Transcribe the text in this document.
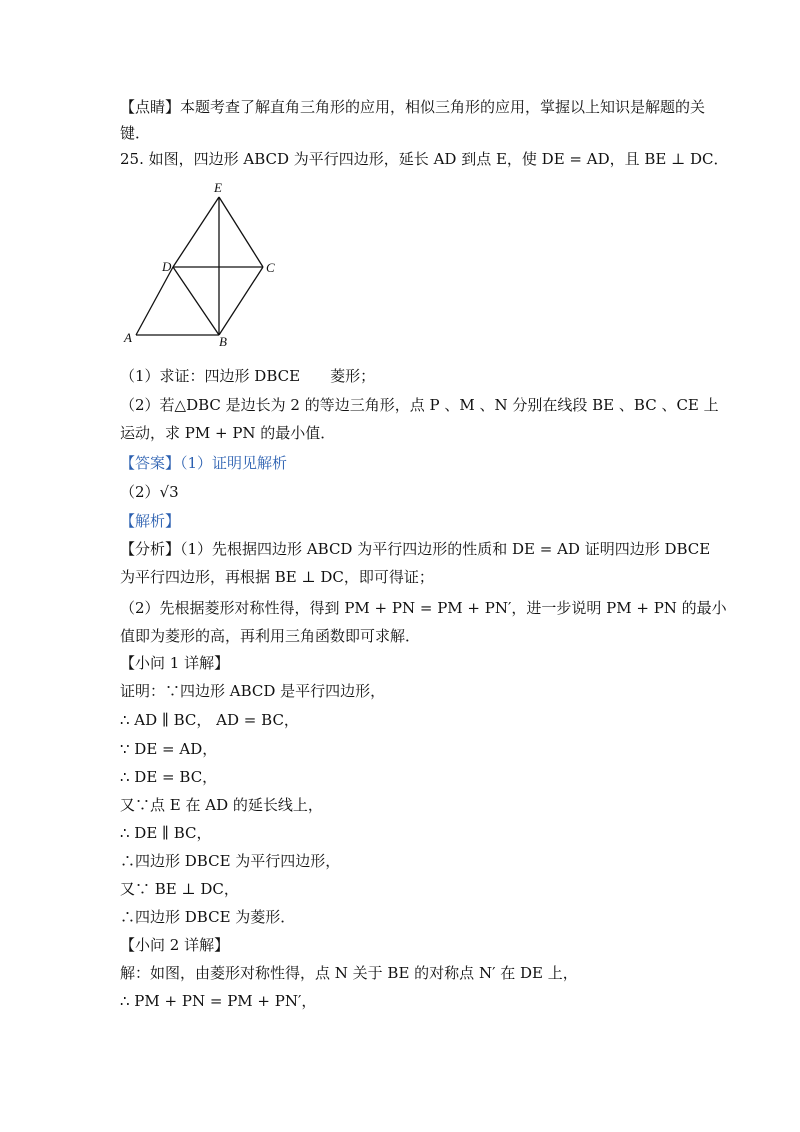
【点睛】本题考查了解直角三角形的应用，相似三角形的应用，掌握以上知识是解题的关
键．
25. 如图，四边形 ABCD 为平行四边形，延长 AD 到点 E，使 DE = AD，且 BE ⊥ DC．
E
D	C
A	B
（1）求证：四边形 DBCE　　菱形；
（2）若△DBC 是边长为 2 的等边三角形，点 P 、M 、N 分别在线段 BE 、BC 、CE 上
运动，求 PM + PN 的最小值．
【答案】（1）证明见解析
（2）√3
【解析】
【分析】（1）先根据四边形 ABCD 为平行四边形的性质和 DE = AD 证明四边形 DBCE
为平行四边形，再根据 BE ⊥ DC，即可得证；
（2）先根据菱形对称性得，得到 PM + PN = PM + PN′，进一步说明 PM + PN 的最小
值即为菱形的高，再利用三角函数即可求解．
【小问 1 详解】
证明：∵四边形 ABCD 是平行四边形，
∴ AD ∥ BC， AD = BC，
∵ DE = AD，
∴ DE = BC，
又∵点 E 在 AD 的延长线上，
∴ DE ∥ BC，
∴四边形 DBCE 为平行四边形，
又∵ BE ⊥ DC，
∴四边形 DBCE 为菱形．
【小问 2 详解】
解：如图，由菱形对称性得，点 N 关于 BE 的对称点 N′ 在 DE 上，
∴ PM + PN = PM + PN′，
